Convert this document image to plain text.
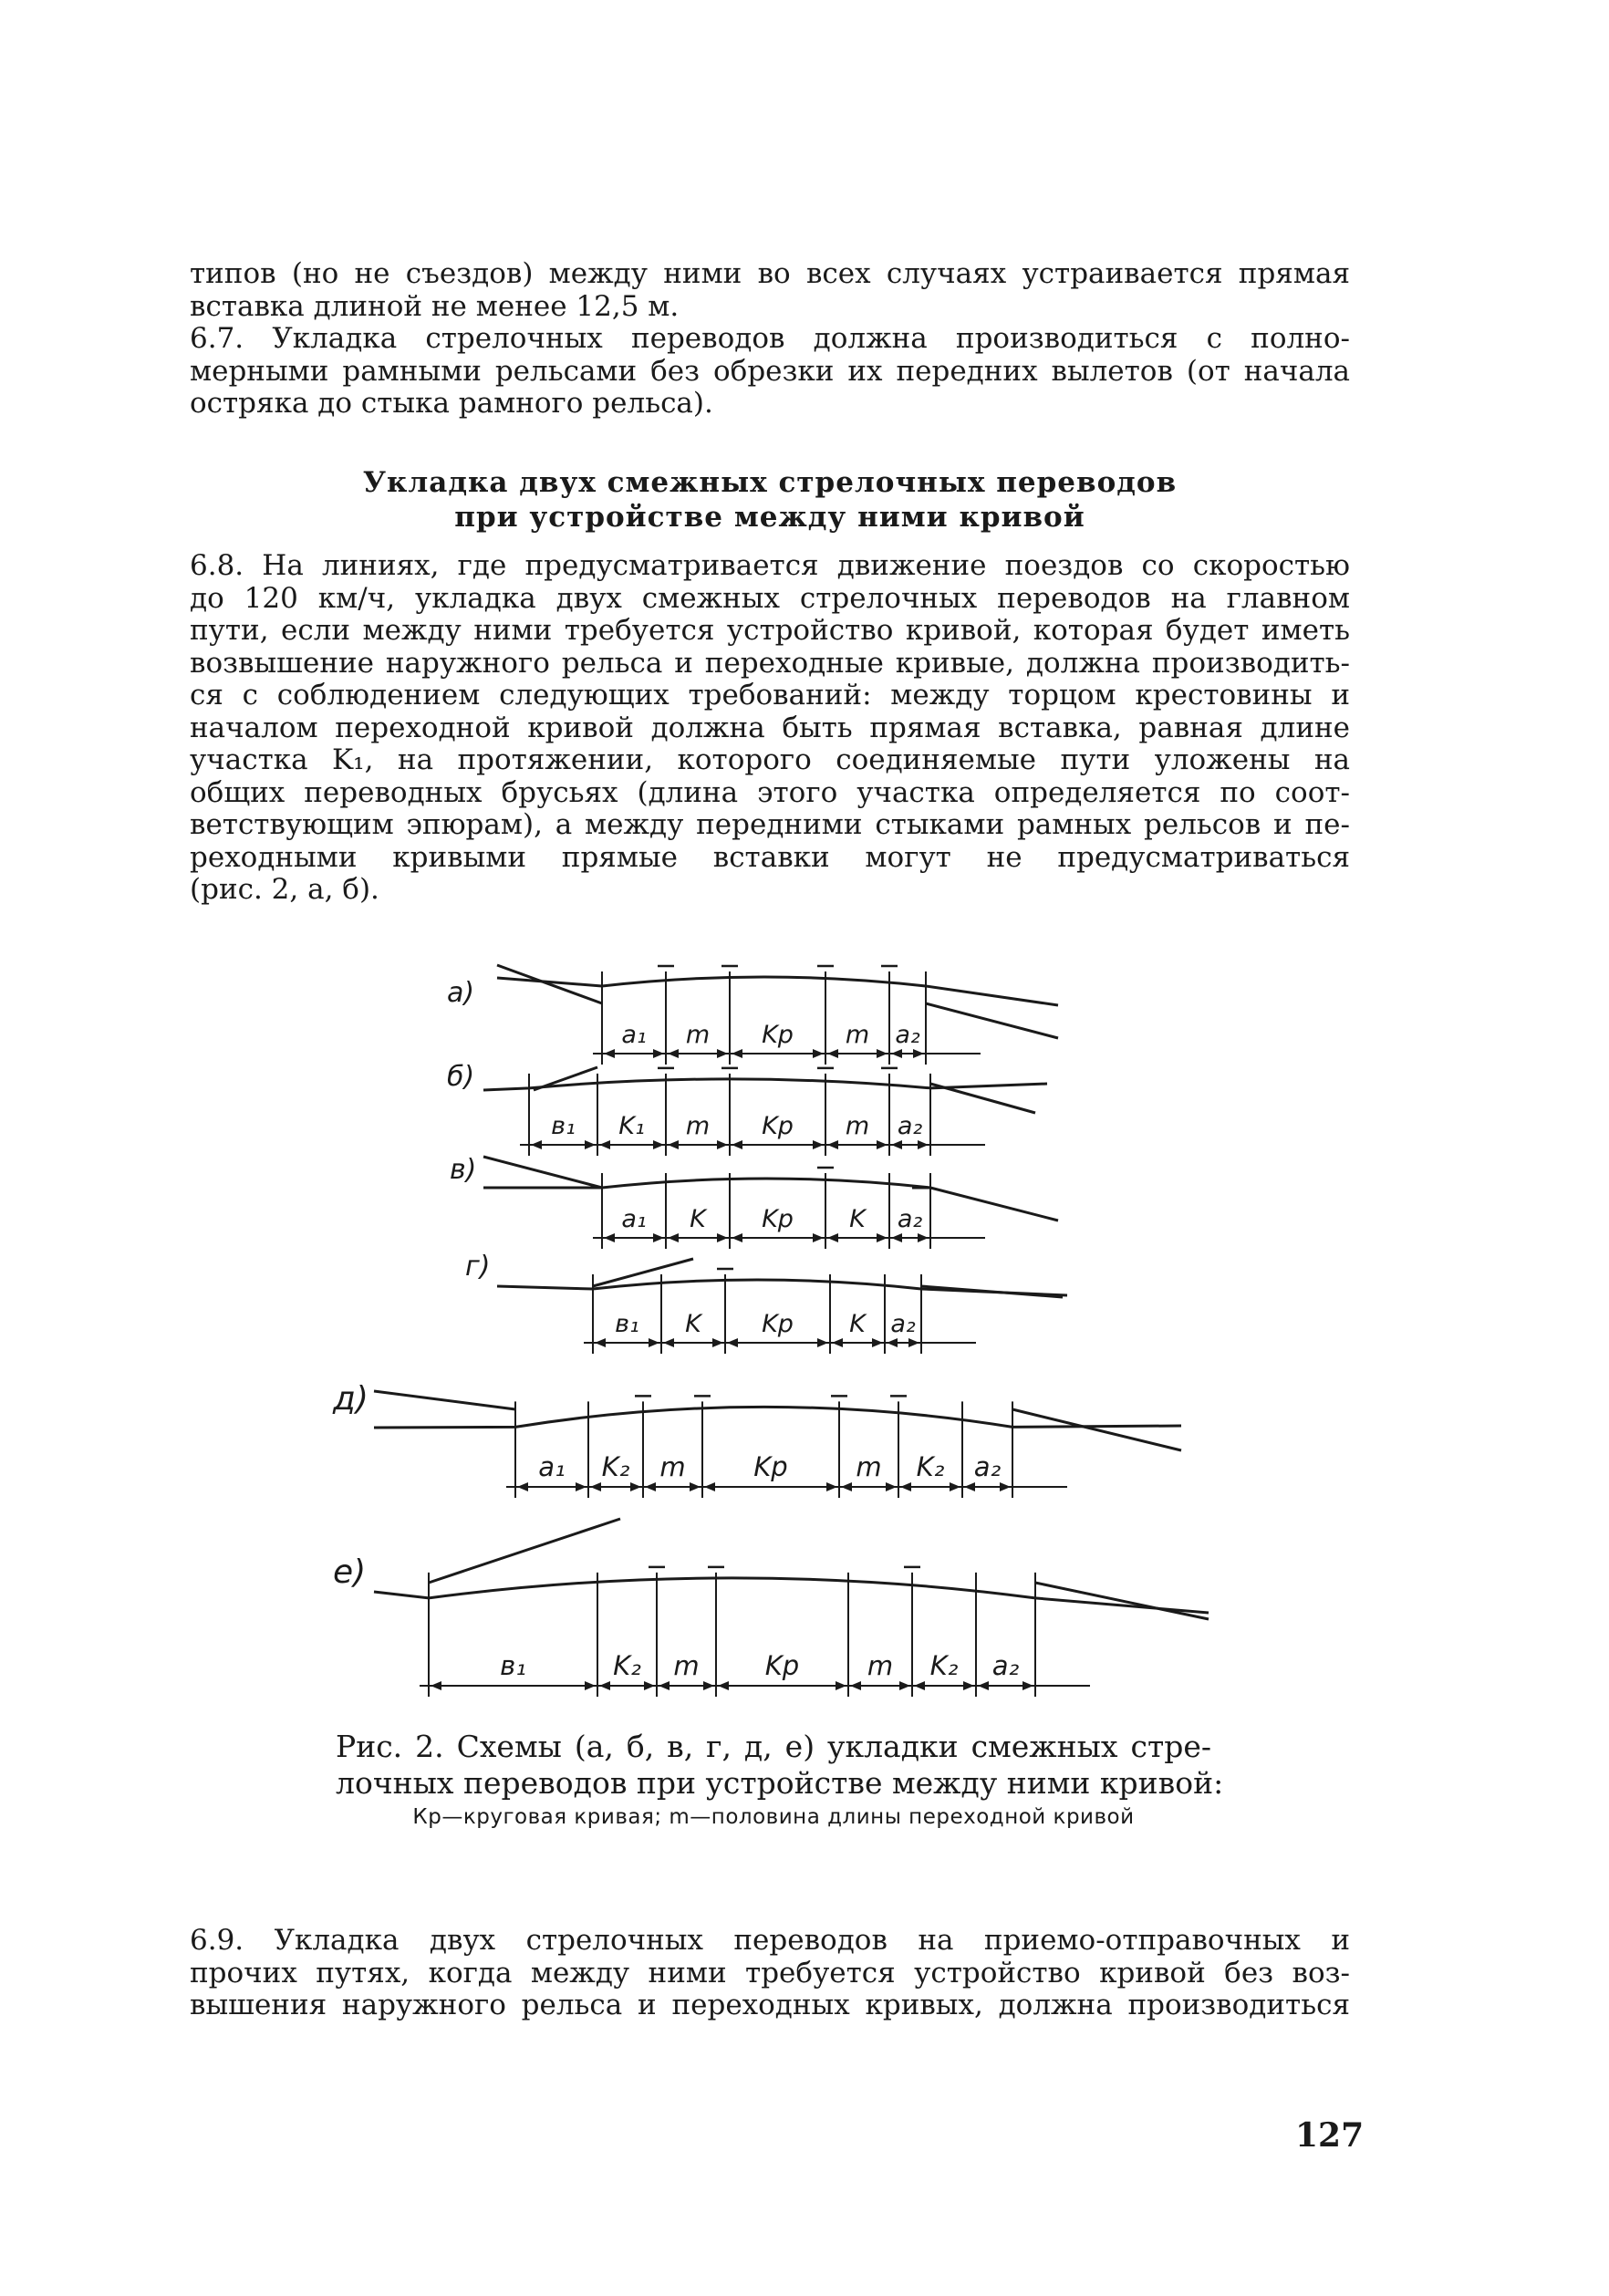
типов (но не съездов) между ними во всех случаях устраивается прямая
вставка длиной не менее 12,5 м.
6.7. Укладка стрелочных переводов должна производиться с полно-
мерными рамными рельсами без обрезки их передних вылетов (от начала
остряка до стыка рамного рельса).

Укладка двух смежных стрелочных переводов
при устройстве между ними кривой

6.8. На линиях, где предусматривается движение поездов со скоростью
до 120 км/ч, укладка двух смежных стрелочных переводов на главном
пути, если между ними требуется устройство кривой, которая будет иметь
возвышение наружного рельса и переходные кривые, должна производить-
ся с соблюдением следующих требований: между торцом крестовины и
началом переходной кривой должна быть прямая вставка, равная длине
участка K₁, на протяжении, которого соединяемые пути уложены на
общих переводных брусьях (длина этого участка определяется по соот-
ветствующим эпюрам), а между передними стыками рамных рельсов и пе-
реходными кривыми прямые вставки могут не предусматриваться
(рис. 2, а, б).

а)
a₁ m Kр m a₂
б)
в₁ K₁ m Kр m a₂
в)
a₁ K Kр K a₂
г)
в₁ K Kр K a₂
д)
a₁ K₂ m	Kр	m K₂ a₂
е)
в₁	K₂ m Kр	m K₂ a₂
Рис. 2. Схемы (а, б, в, г, д, е) укладки смежных стре-
лочных переводов при устройстве между ними кривой:
Кр—круговая кривая; m—половина длины переходной кривой

6.9. Укладка двух стрелочных переводов на приемо-отправочных и
прочих путях, когда между ними требуется устройство кривой без воз-
вышения наружного рельса и переходных кривых, должна производиться

127
